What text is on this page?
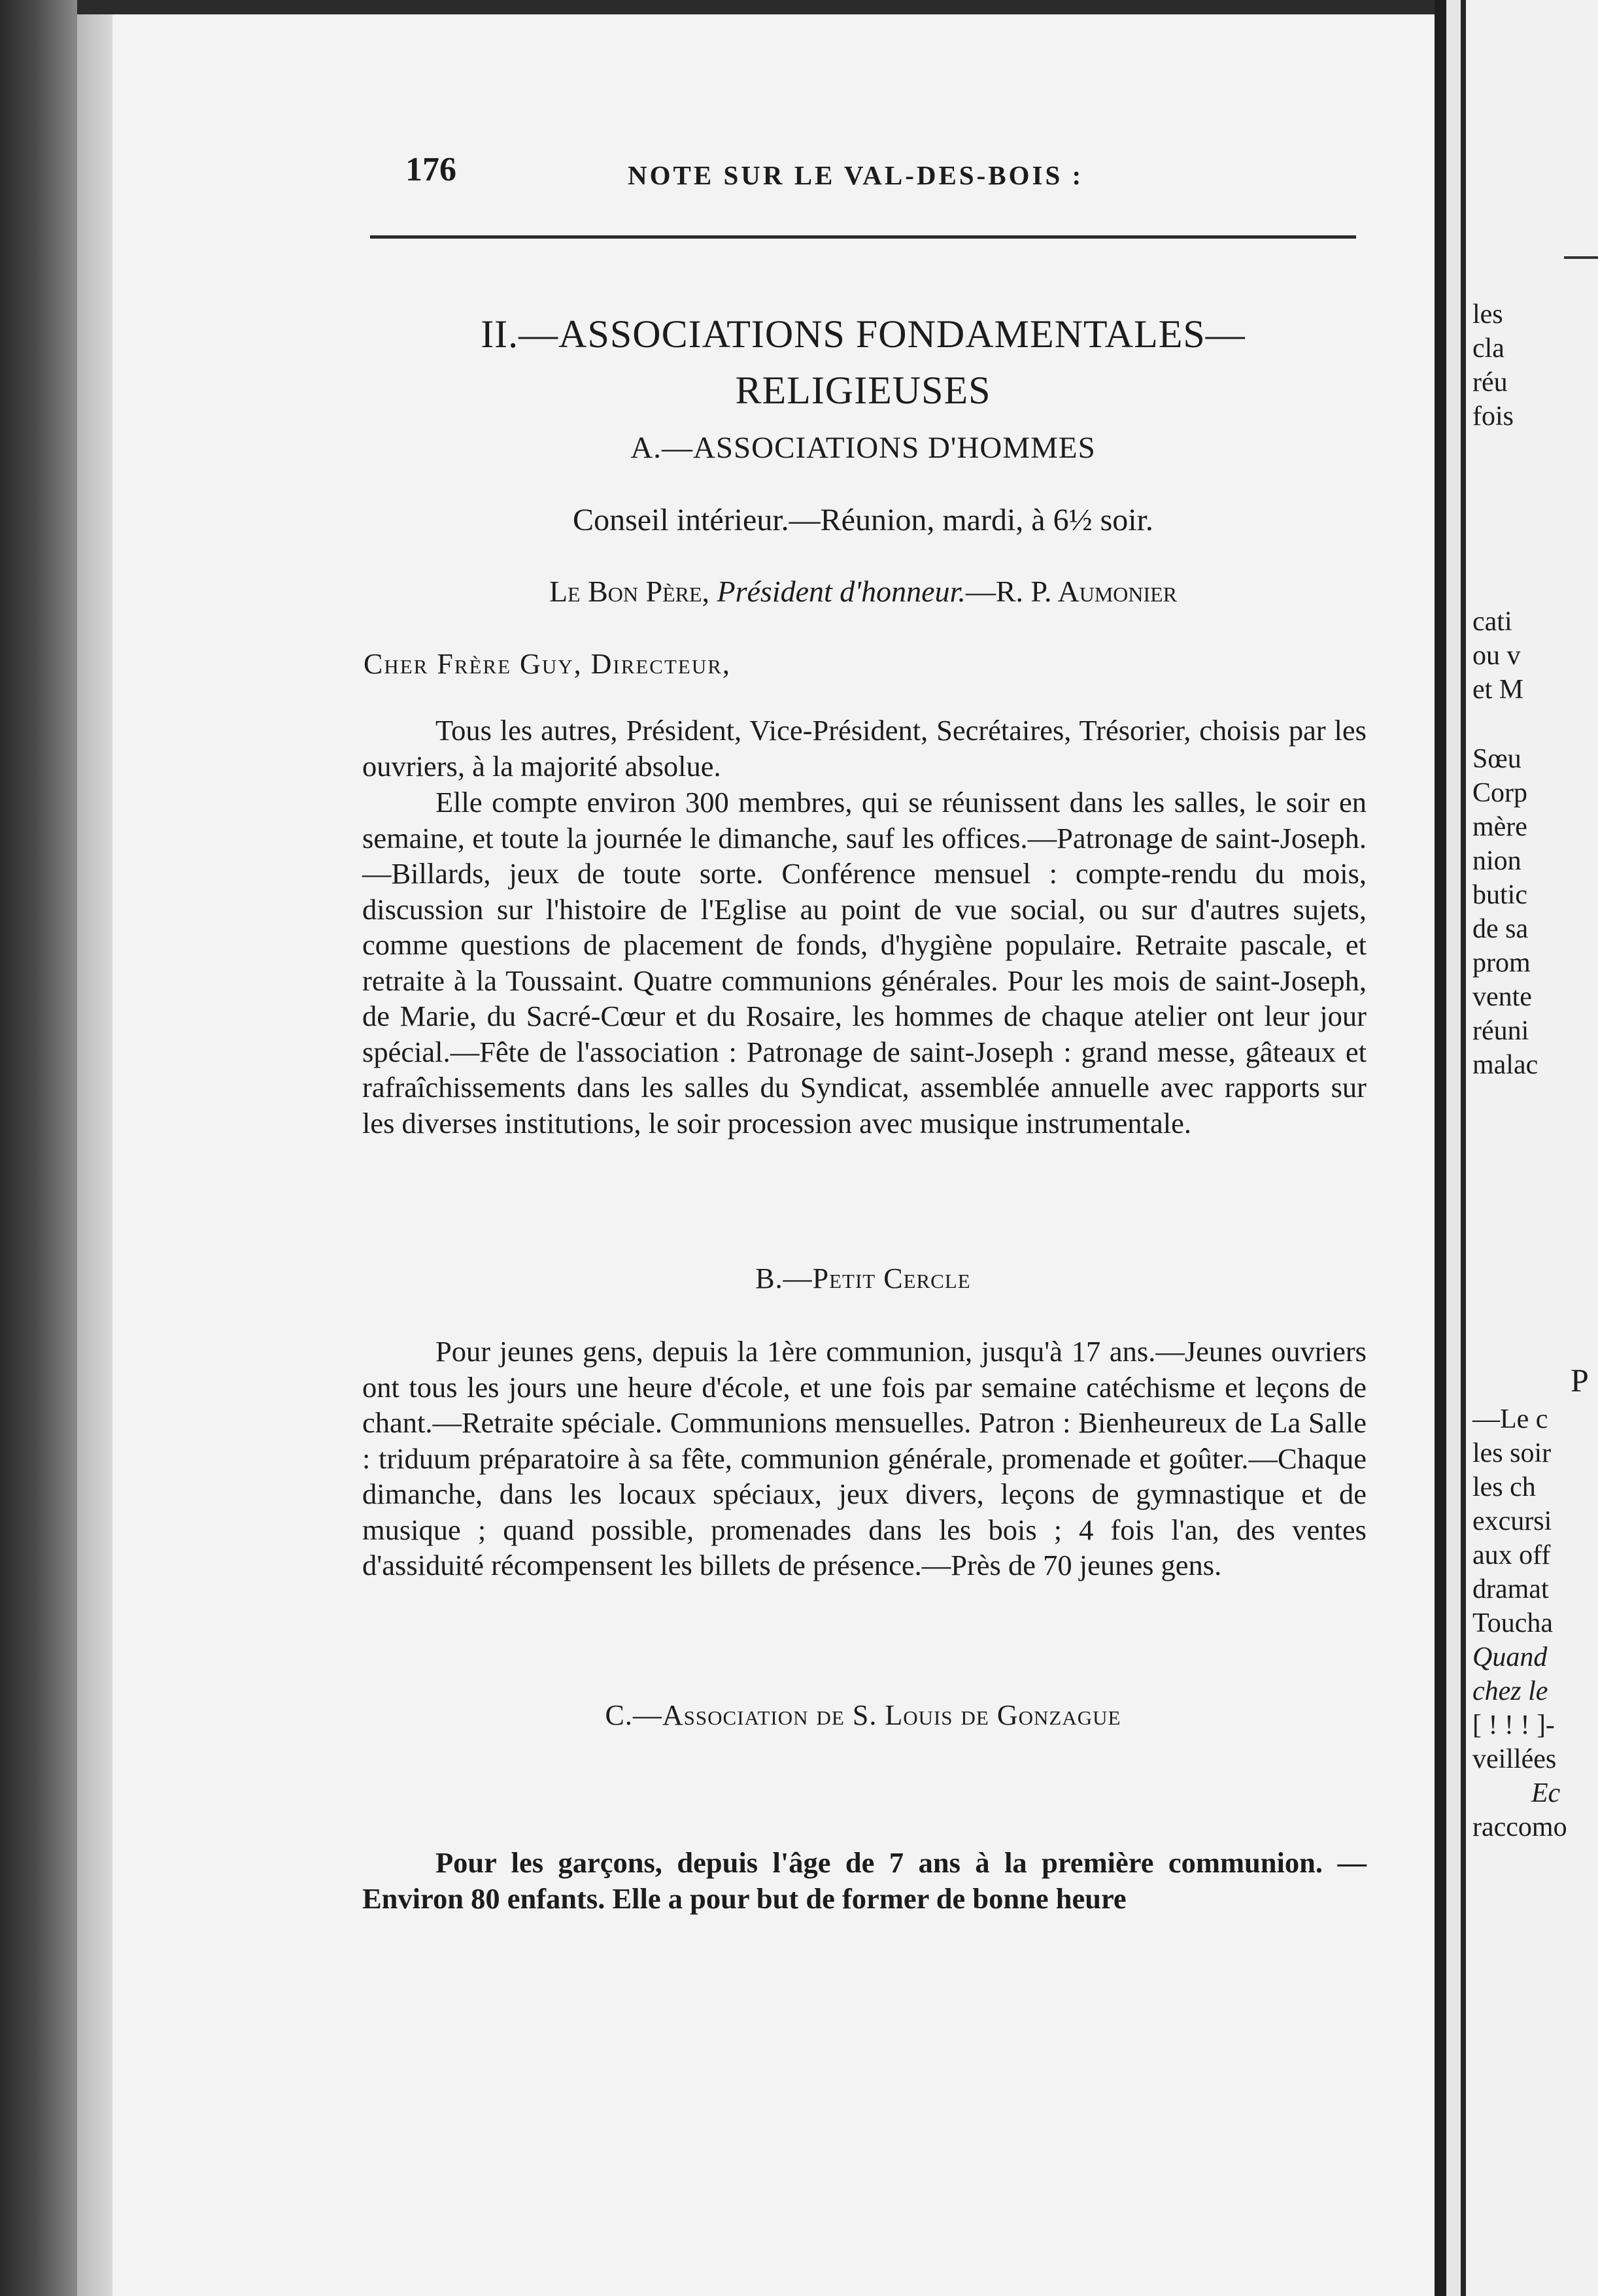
176	NOTE SUR LE VAL-DES-BOIS :
II.—ASSOCIATIONS FONDAMENTALES—RELIGIEUSES
A.—ASSOCIATIONS D'HOMMES
Conseil intérieur.—Réunion, mardi, à 6½ soir.
Le Bon Père, Président d'honneur.—R. P. Aumonier
Cher Frère Guy, Directeur,
Tous les autres, Président, Vice-Président, Secrétaires, Trésorier, choisis par les ouvriers, à la majorité absolue.
Elle compte environ 300 membres, qui se réunissent dans les salles, le soir en semaine, et toute la journée le dimanche, sauf les offices.—Patronage de saint-Joseph.—Billards, jeux de toute sorte. Conférence mensuel : compte-rendu du mois, discussion sur l'histoire de l'Eglise au point de vue social, ou sur d'autres sujets, comme questions de placement de fonds, d'hygiène populaire. Retraite pascale, et retraite à la Toussaint. Quatre communions générales. Pour les mois de saint-Joseph, de Marie, du Sacré-Cœur et du Rosaire, les hommes de chaque atelier ont leur jour spécial.—Fête de l'association : Patronage de saint-Joseph : grand messe, gâteaux et rafraîchissements dans les salles du Syndicat, assemblée annuelle avec rapports sur les diverses institutions, le soir procession avec musique instrumentale.
B.—Petit Cercle
Pour jeunes gens, depuis la 1ère communion, jusqu'à 17 ans.—Jeunes ouvriers ont tous les jours une heure d'école, et une fois par semaine catéchisme et leçons de chant.—Retraite spéciale. Communions mensuelles. Patron : Bienheureux de La Salle : triduum préparatoire à sa fête, communion générale, promenade et goûter.—Chaque dimanche, dans les locaux spéciaux, jeux divers, leçons de gymnastique et de musique ; quand possible, promenades dans les bois ; 4 fois l'an, des ventes d'assiduité récompensent les billets de présence.—Près de 70 jeunes gens.
C.—Association de S. Louis de Gonzague
Pour les garçons, depuis l'âge de 7 ans à la première communion. —Environ 80 enfants. Elle a pour but de former de bonne heure
les
cla
réu
fois
cati
ou v
et M
Sœu
Corp
mère
nion
butic
de sa
prom
vente
réuni
malac
P
—Le c
les soir
les ch
excursi
aux off
dramat
Toucha
Quand
chez le
[ ! ! ! ]-
veillées
Ec
raccomo
